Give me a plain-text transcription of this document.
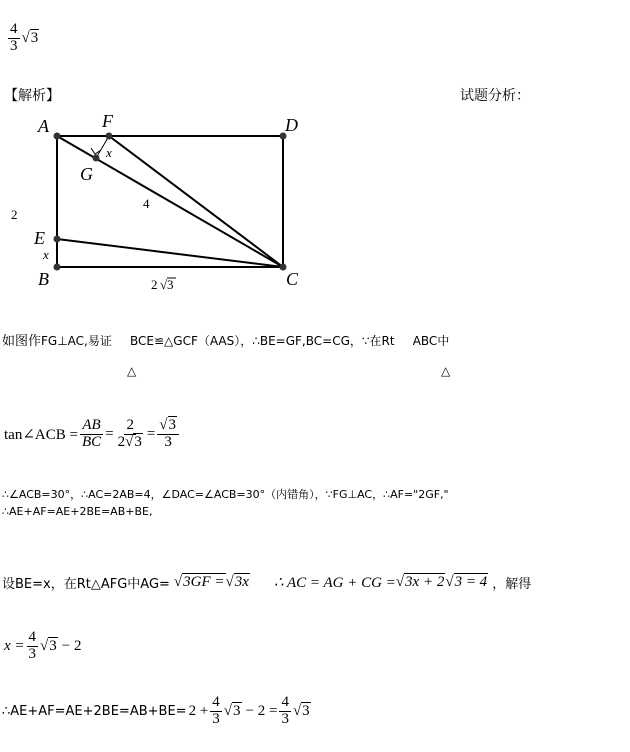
$\frac{4}{3} √3$
【解析】	试题分析：
A	F	D
G
E
B	C
2
x
x
4
2 √ 3
如图作FG⊥AC,易证 BCE≌△GCF（AAS），∴BE=GF,BC=CG，∵在Rt ABC中
△	△
tan∠ACB = $\frac{AB}{BC} = \frac{2}{2√3} = \frac{√3}{3}$
∴∠ACB=30°，∴AC=2AB=4，∠DAC=∠ACB=30°（内错角），∵FG⊥AC，∴AF="2GF,"
∴AE+AF=AE+2BE=AB+BE,
设BE=x，在Rt△AFG中AG= √3GF =√3x ∴ AC = AG + CG = √3x + 2√3 = 4 ，解得
$x = \frac{4}{3} √3 - 2$
∴AE+AF=AE+2BE=AB+BE= $2 + \frac{4}{3} √3 - 2 = \frac{4}{3} √3$
